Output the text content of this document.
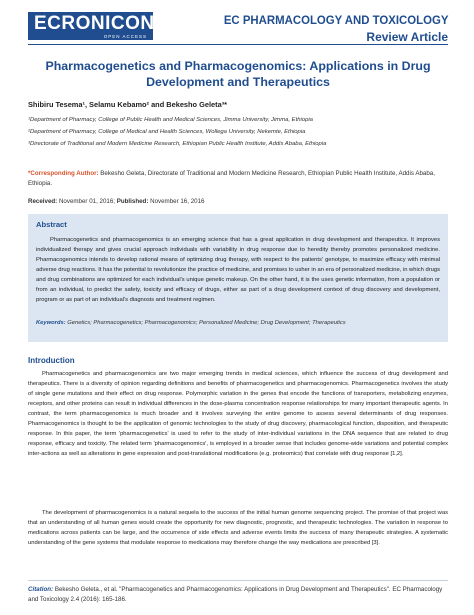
ECRONICON
OPEN ACCESS
EC PHARMACOLOGY AND TOXICOLOGY
Review Article
Pharmacogenetics and Pharmacogenomics: Applications in Drug Development and Therapeutics
Shibiru Tesema¹, Selamu Kebamo² and Bekesho Geleta³*
¹Department of Pharmacy, College of Public Health and Medical Sciences, Jimma University, Jimma, Ethiopia
²Department of Pharmacy, College of Medical and Health Sciences, Wollega University, Nekemte, Ethiopia
³Directorate of Traditional and Modern Medicine Research, Ethiopian Public Health Institute, Addis Ababa, Ethiopia
*Corresponding Author: Bekesho Geleta, Directorate of Traditional and Modern Medicine Research, Ethiopian Public Health Institute, Addis Ababa, Ethiopia.
Received: November 01, 2016; Published: November 16, 2016
Abstract
Pharmacogenetics and pharmacogenomics is an emerging science that has a great application in drug development and therapeutics. It improves individualized therapy and gives crucial approach individuals with variability in drug response due to heredity thereby promotes personalized medicine. Pharmacogenomics intends to develop rational means of optimizing drug therapy, with respect to the patients' genotype, to maximize efficacy with minimal adverse drug reactions. It has the potential to revolutionize the practice of medicine, and promises to usher in an era of personalized medicine, in which drugs and drug combinations are optimized for each individual's unique genetic makeup. On the other hand, it is the uses genetic information, from a population or from an individual, to predict the safety, toxicity and efficacy of drugs, either as part of a drug development context of drug discovery and development, program or as part of an individual's diagnosis and treatment regimen.
Keywords: Genetics; Pharmacogenetics; Pharmacogenomics; Personalized Medicine; Drug Development; Therapeutics
Introduction
Pharmacogenetics and pharmacogenomics are two major emerging trends in medical sciences, which influence the success of drug development and therapeutics. There is a diversity of opinion regarding definitions and benefits of pharmacogenetics and pharmacogenomics. Pharmacogenetics involves the study of single gene mutations and their effect on drug response. Polymorphic variation in the genes that encode the functions of transporters, metabolizing enzymes, receptors, and other proteins can result in individual differences in the dose-plasma concentration response relationships for many important therapeutic agents. In contrast, the term pharmacogenomics is much broader and it involves surveying the entire genome to assess several determinants of drug responses. Pharmacogenomics is thought to be the application of genomic technologies to the study of drug discovery, pharmacological function, disposition, and therapeutic response. In this paper, the term 'pharmacogenetics' is used to refer to the study of inter-individual variations in the DNA sequence that are related to drug response, efficacy and toxicity. The related term 'pharmacogenomics', is employed in a broader sense that includes genome-wide variations and potential complex inter-actions as well as alterations in gene expression and post-translational modifications (e.g. proteomics) that correlate with drug response [1,2].
The development of pharmacogenomics is a natural sequela to the success of the initial human genome sequencing project. The promise of that project was that an understanding of all human genes would create the opportunity for new diagnostic, prognostic, and therapeutic technologies. The variation in response to medications across patients can be large, and the occurrence of side effects and adverse events limits the success of many therapeutic strategies. A systematic understanding of the gene systems that modulate response to medications may therefore change the way medications are prescribed [3].
Citation: Bekesho Geleta., et al. "Pharmacogenetics and Pharmacogenomics: Applications in Drug Development and Therapeutics". EC Pharmacology and Toxicology 2.4 (2016): 165-186.
